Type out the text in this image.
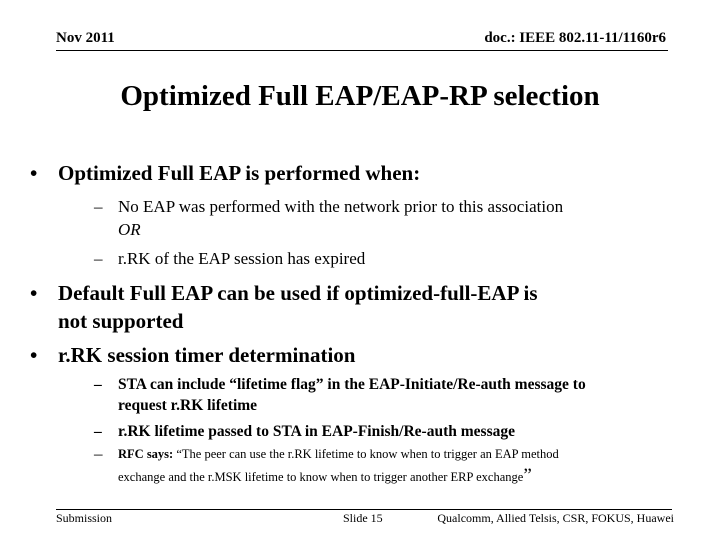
Nov 2011	doc.: IEEE 802.11-11/1160r6
Optimized Full EAP/EAP-RP selection
• Optimized Full EAP is performed when:
– No EAP was performed with the network prior to this association
OR
– r.RK of the EAP session has expired
• Default Full EAP can be used if optimized-full-EAP is
not supported
• r.RK session timer determination
– STA can include “lifetime flag” in the EAP-Initiate/Re-auth message to
request r.RK lifetime
– r.RK lifetime passed to STA in EAP-Finish/Re-auth message
– RFC says: “The peer can use the r.RK lifetime to know when to trigger an EAP method
exchange and the r.MSK lifetime to know when to trigger another ERP exchange”
Submission	Slide 15	Qualcomm, Allied Telsis, CSR, FOKUS, Huawei
